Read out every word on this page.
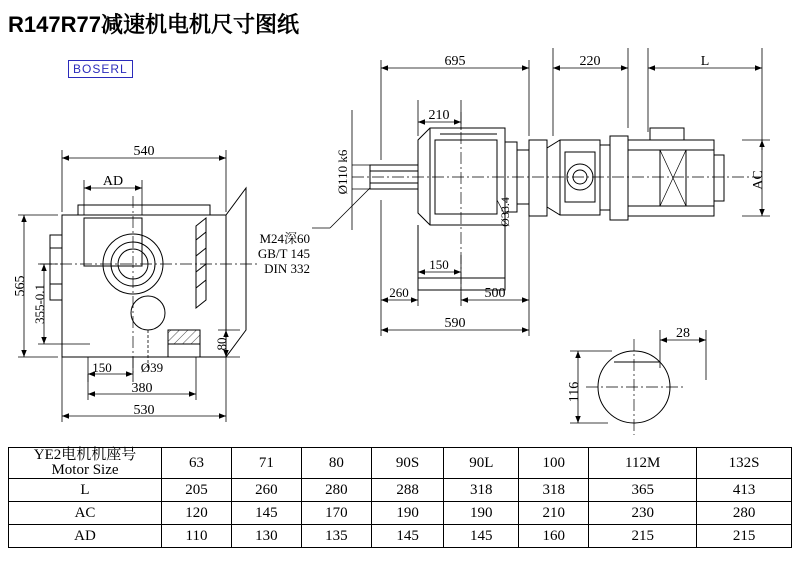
R147R77减速机电机尺寸图纸
BOSERL
540
AD
565 355-0.1
80
150 Ø39
380
530
695	220	L
210
Ø110 k6	AC
Ø33.4
150
260	500
590
28
116
M24深60
GB/T 145
DIN 332
YE2电机机座号
Motor Size	63	71	80	90S	90L	100	112M	132S
L	205	260	280	288	318	318	365	413
AC	120	145	170	190	190	210	230	280
AD	110	130	135	145	145	160	215	215
